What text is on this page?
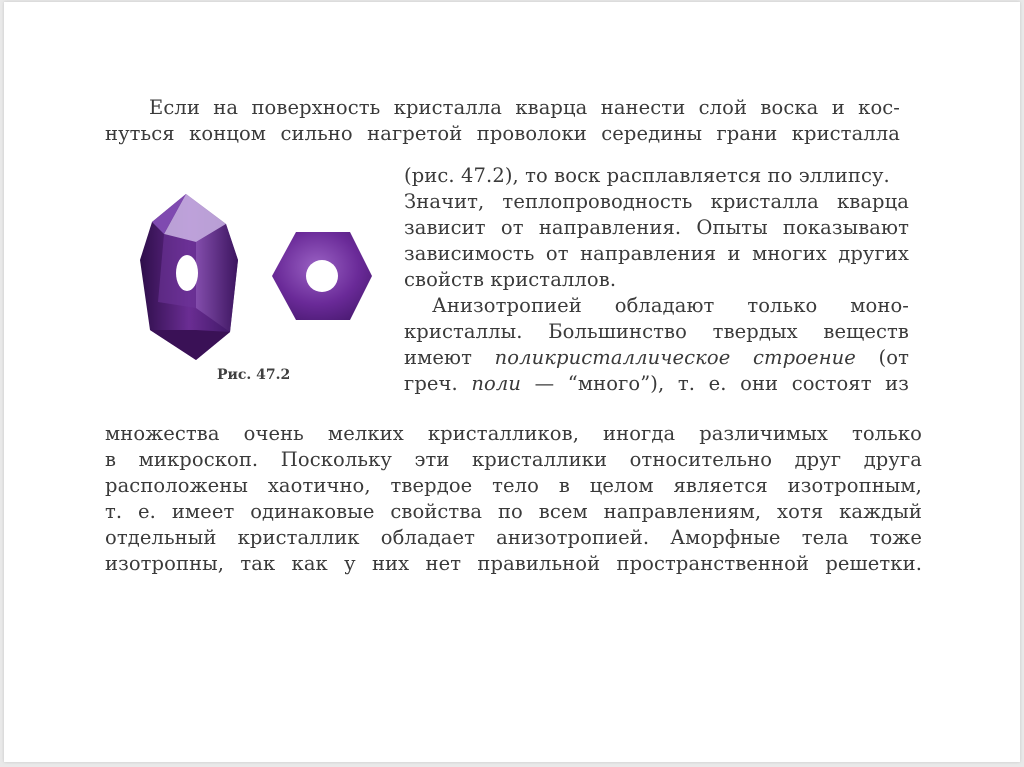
Если на поверхность кристалла кварца нанести слой воска и кос-
нуться концом сильно нагретой проволоки середины грани кристалла
Рис. 47.2
(рис. 47.2), то воск расплавляется по эллипсу.
Значит, теплопроводность кристалла кварца
зависит от направления. Опыты показывают
зависимость от направления и многих других
свойств кристаллов.
Анизотропией обладают только моно-
кристаллы. Большинство твердых веществ
имеют поликристаллическое строение (от
греч. поли — “много”), т. е. они состоят из
множества очень мелких кристалликов, иногда различимых только
в микроскоп. Поскольку эти кристаллики относительно друг друга
расположены хаотично, твердое тело в целом является изотропным,
т. е. имеет одинаковые свойства по всем направлениям, хотя каждый
отдельный кристаллик обладает анизотропией. Аморфные тела тоже
изотропны, так как у них нет правильной пространственной решетки.
